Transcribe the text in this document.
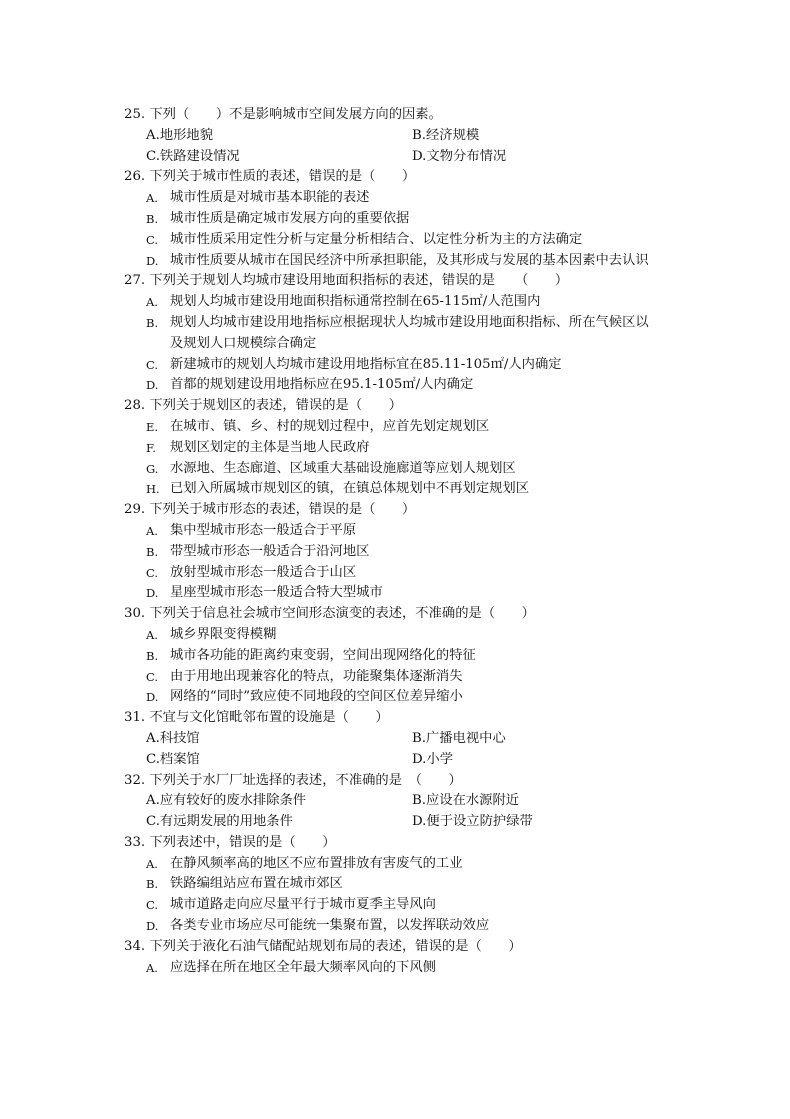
25. 下列（　　）不是影响城市空间发展方向的因素。
A.地形地貌	B.经济规模
C.铁路建设情况	D.文物分布情况
26. 下列关于城市性质的表述，错误的是（　　）
A. 城市性质是对城市基本职能的表述
B. 城市性质是确定城市发展方向的重要依据
C. 城市性质采用定性分析与定量分析相结合、以定性分析为主的方法确定
D. 城市性质要从城市在国民经济中所承担职能，及其形成与发展的基本因素中去认识
27. 下列关于规划人均城市建设用地面积指标的表述，错误的是　　（　　）
A. 规划人均城市建设用地面积指标通常控制在65-115㎡/人范围内
B. 规划人均城市建设用地指标应根据现状人均城市建设用地面积指标、所在气候区以及规划人口规模综合确定
C. 新建城市的规划人均城市建设用地指标宜在85.11-105㎡/人内确定
D. 首都的规划建设用地指标应在95.1-105㎡/人内确定
28. 下列关于规划区的表述，错误的是（　　）
E. 在城市、镇、乡、村的规划过程中，应首先划定规划区
F.	规划区划定的主体是当地人民政府
G. 水源地、生态廊道、区域重大基础设施廊道等应划人规划区
H. 已划入所属城市规划区的镇，在镇总体规划中不再划定规划区
29. 下列关于城市形态的表述，错误的是（　　）
A. 集中型城市形态一般适合于平原
B. 带型城市形态一般适合于沿河地区
C. 放射型城市形态一般适合于山区
D. 星座型城市形态一般适合特大型城市
30. 下列关于信息社会城市空间形态演变的表述，不准确的是（　　）
A. 城乡界限变得模糊
B. 城市各功能的距离约束变弱，空间出现网络化的特征
C. 由于用地出现兼容化的特点，功能聚集体逐渐消失
D. 网络的“同时”致应使不同地段的空间区位差异缩小
31. 不宜与文化馆毗邻布置的设施是（　　）
A.科技馆	B.广播电视中心
C.档案馆	D.小学
32. 下列关于水厂厂址选择的表述，不准确的是　（　　）
A.应有较好的废水排除条件	B.应设在水源附近
C.有远期发展的用地条件	D.便于设立防护绿带
33. 下列表述中，错误的是（　　）
A. 在静风频率高的地区不应布置排放有害废气的工业
B. 铁路编组站应布置在城市郊区
C. 城市道路走向应尽量平行于城市夏季主导风向
D. 各类专业市场应尽可能统一集聚布置，以发挥联动效应
34. 下列关于液化石油气储配站规划布局的表述，错误的是（　　）
A. 应选择在所在地区全年最大频率风向的下风侧
